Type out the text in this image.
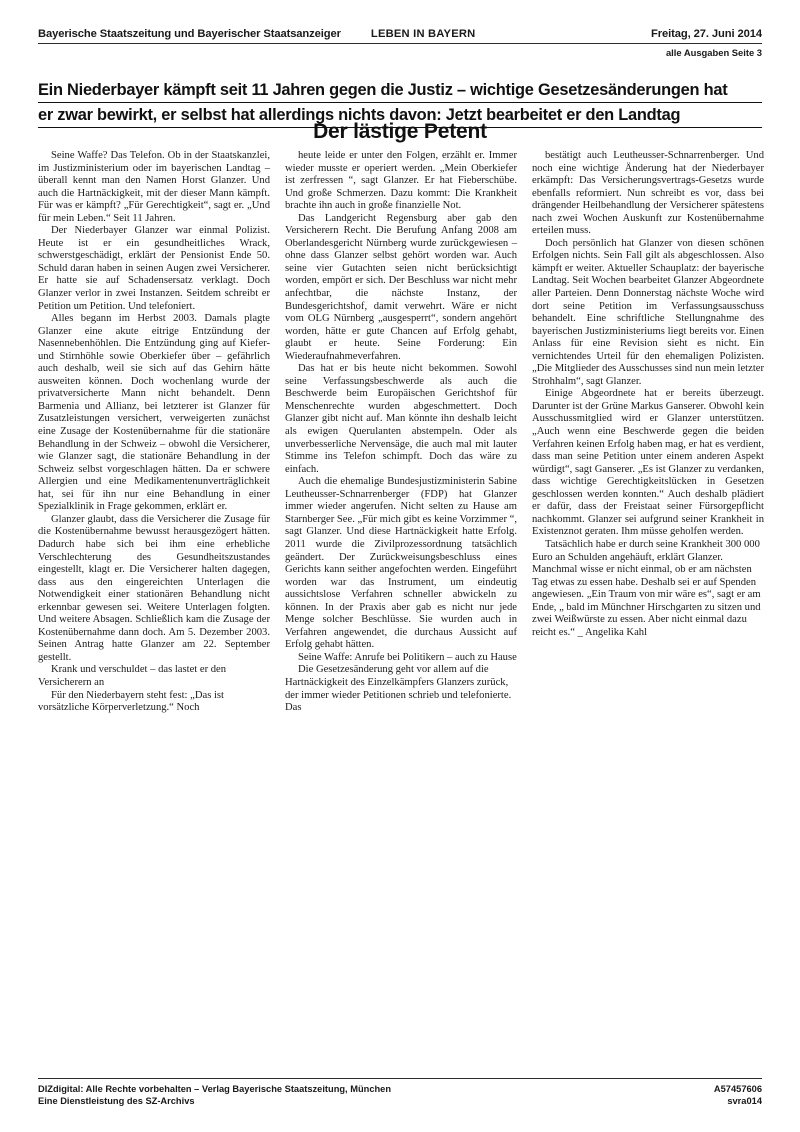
Bayerische Staatszeitung und Bayerischer Staatsanzeiger	LEBEN IN BAYERN	Freitag, 27. Juni 2014
alle Ausgaben Seite 3
Ein Niederbayer kämpft seit 11 Jahren gegen die Justiz – wichtige Gesetzesänderungen hat
er zwar bewirkt, er selbst hat allerdings nichts davon: Jetzt bearbeitet er den Landtag
Der lästige Petent

Seine Waffe? Das Telefon. Ob in der Staatskanzlei, im Justizministerium oder im bayerischen Landtag – überall kennt man den Namen Horst Glanzer. Und auch die Hartnäckigkeit, mit der dieser Mann kämpft. Für was er kämpft? „Für Gerechtigkeit“, sagt er. „Und für mein Leben.“ Seit 11 Jahren.

Der Niederbayer Glanzer war einmal Polizist. Heute ist er ein gesundheitliches Wrack, schwerstgeschädigt, erklärt der Pensionist Ende 50. Schuld daran haben in seinen Augen zwei Versicherer. Er hatte sie auf Schadensersatz verklagt. Doch Glanzer verlor in zwei Instanzen. Seitdem schreibt er Petition um Petition. Und telefoniert.

Alles begann im Herbst 2003. Damals plagte Glanzer eine akute eitrige Entzündung der Nasennebenhöhlen. Die Entzündung ging auf Kiefer- und Stirnhöhle sowie Oberkiefer über – gefährlich auch deshalb, weil sie sich auf das Gehirn hätte ausweiten können. Doch wochenlang wurde der privatversicherte Mann nicht behandelt. Denn Barmenia und Allianz, bei letzterer ist Glanzer für Zusatzleistungen versichert, verweigerten zunächst eine Zusage der Kostenübernahme für die stationäre Behandlung in der Schweiz – obwohl die Versicherer, wie Glanzer sagt, die stationäre Behandlung in der Schweiz selbst vorgeschlagen hätten. Da er schwere Allergien und eine Medikamentenunverträglichkeit hat, sei für ihn nur eine Behandlung in einer Spezialklinik in Frage gekommen, erklärt er.

Glanzer glaubt, dass die Versicherer die Zusage für die Kostenübernahme bewusst herausgezögert hätten. Dadurch habe sich bei ihm eine erhebliche Verschlechterung des Gesundheitszustandes eingestellt, klagt er. Die Versicherer halten dagegen, dass aus den eingereichten Unterlagen die Notwendigkeit einer stationären Behandlung nicht erkennbar gewesen sei. Weitere Unterlagen folgten. Und weitere Absagen. Schließlich kam die Zusage der Kostenübernahme dann doch. Am 5. Dezember 2003. Seinen Antrag hatte Glanzer am 22. September gestellt.

Krank und verschuldet – das lastet er den Versicherern an

Für den Niederbayern steht fest: „Das ist vorsätzliche Körperverletzung.“ Noch

heute leide er unter den Folgen, erzählt er. Immer wieder musste er operiert werden. „Mein Oberkiefer ist zerfressen “, sagt Glanzer. Er hat Fieberschübe. Und große Schmerzen. Dazu kommt: Die Krankheit brachte ihn auch in große finanzielle Not.

Das Landgericht Regensburg aber gab den Versicherern Recht. Die Berufung Anfang 2008 am Oberlandesgericht Nürnberg wurde zurückgewiesen – ohne dass Glanzer selbst gehört worden war. Auch seine vier Gutachten seien nicht berücksichtigt worden, empört er sich. Der Beschluss war nicht mehr anfechtbar, die nächste Instanz, der Bundesgerichtshof, damit verwehrt. Wäre er nicht vom OLG Nürnberg „ausgesperrt“, sondern angehört worden, hätte er gute Chancen auf Erfolg gehabt, glaubt er heute. Seine Forderung: Ein Wiederaufnahmeverfahren.

Das hat er bis heute nicht bekommen. Sowohl seine Verfassungsbeschwerde als auch die Beschwerde beim Europäischen Gerichtshof für Menschenrechte wurden abgeschmettert. Doch Glanzer gibt nicht auf. Man könnte ihn deshalb leicht als ewigen Querulanten abstempeln. Oder als unverbesserliche Nervensäge, die auch mal mit lauter Stimme ins Telefon schimpft. Doch das wäre zu einfach.

Auch die ehemalige Bundesjustizministerin Sabine Leutheusser-Schnarrenberger (FDP) hat Glanzer immer wieder angerufen. Nicht selten zu Hause am Starnberger See. „Für mich gibt es keine Vorzimmer “, sagt Glanzer. Und diese Hartnäckigkeit hatte Erfolg. 2011 wurde die Zivilprozessordnung tatsächlich geändert. Der Zurückweisungsbeschluss eines Gerichts kann seither angefochten werden. Eingeführt worden war das Instrument, um eindeutig aussichtslose Verfahren schneller abwickeln zu können. In der Praxis aber gab es nicht nur jede Menge solcher Beschlüsse. Sie wurden auch in Verfahren angewendet, die durchaus Aussicht auf Erfolg gehabt hätten.

Seine Waffe: Anrufe bei Politikern – auch zu Hause

Die Gesetzesänderung geht vor allem auf die Hartnäckigkeit des Einzelkämpfers Glanzers zurück, der immer wieder Petitionen schrieb und telefonierte. Das

bestätigt auch Leutheusser-Schnarrenberger. Und noch eine wichtige Änderung hat der Niederbayer erkämpft: Das Versicherungsvertrags-Gesetzs wurde ebenfalls reformiert. Nun schreibt es vor, dass bei drängender Heilbehandlung der Versicherer spätestens nach zwei Wochen Auskunft zur Kostenübernahme erteilen muss.

Doch persönlich hat Glanzer von diesen schönen Erfolgen nichts. Sein Fall gilt als abgeschlossen. Also kämpft er weiter. Aktueller Schauplatz: der bayerische Landtag. Seit Wochen bearbeitet Glanzer Abgeordnete aller Parteien. Denn Donnerstag nächste Woche wird dort seine Petition im Verfassungsausschuss behandelt. Eine schriftliche Stellungnahme des bayerischen Justizministeriums liegt bereits vor. Einen Anlass für eine Revision sieht es nicht. Ein vernichtendes Urteil für den ehemaligen Polizisten. „Die Mitglieder des Ausschusses sind nun mein letzter Strohhalm“, sagt Glanzer.

Einige Abgeordnete hat er bereits überzeugt. Darunter ist der Grüne Markus Ganserer. Obwohl kein Ausschussmitglied wird er Glanzer unterstützen. „Auch wenn eine Beschwerde gegen die beiden Verfahren keinen Erfolg haben mag, er hat es verdient, dass man seine Petition unter einem anderen Aspekt würdigt“, sagt Ganserer. „Es ist Glanzer zu verdanken, dass wichtige Gerechtigkeitslücken in Gesetzen geschlossen werden konnten.“ Auch deshalb plädiert er dafür, dass der Freistaat seiner Fürsorgepflicht nachkommt. Glanzer sei aufgrund seiner Krankheit in Existenznot geraten. Ihm müsse geholfen werden.

Tatsächlich habe er durch seine Krankheit 300 000 Euro an Schulden angehäuft, erklärt Glanzer. Manchmal wisse er nicht einmal, ob er am nächsten Tag etwas zu essen habe. Deshalb sei er auf Spenden angewiesen. „Ein Traum von mir wäre es“, sagt er am Ende, „ bald im Münchner Hirschgarten zu sitzen und zwei Weißwürste zu essen. Aber nicht einmal dazu reicht es.“ _ Angelika Kahl

DIZdigital: Alle Rechte vorbehalten – Verlag Bayerische Staatszeitung, München
Eine Dienstleistung des SZ-Archivs
A57457606
svra014
